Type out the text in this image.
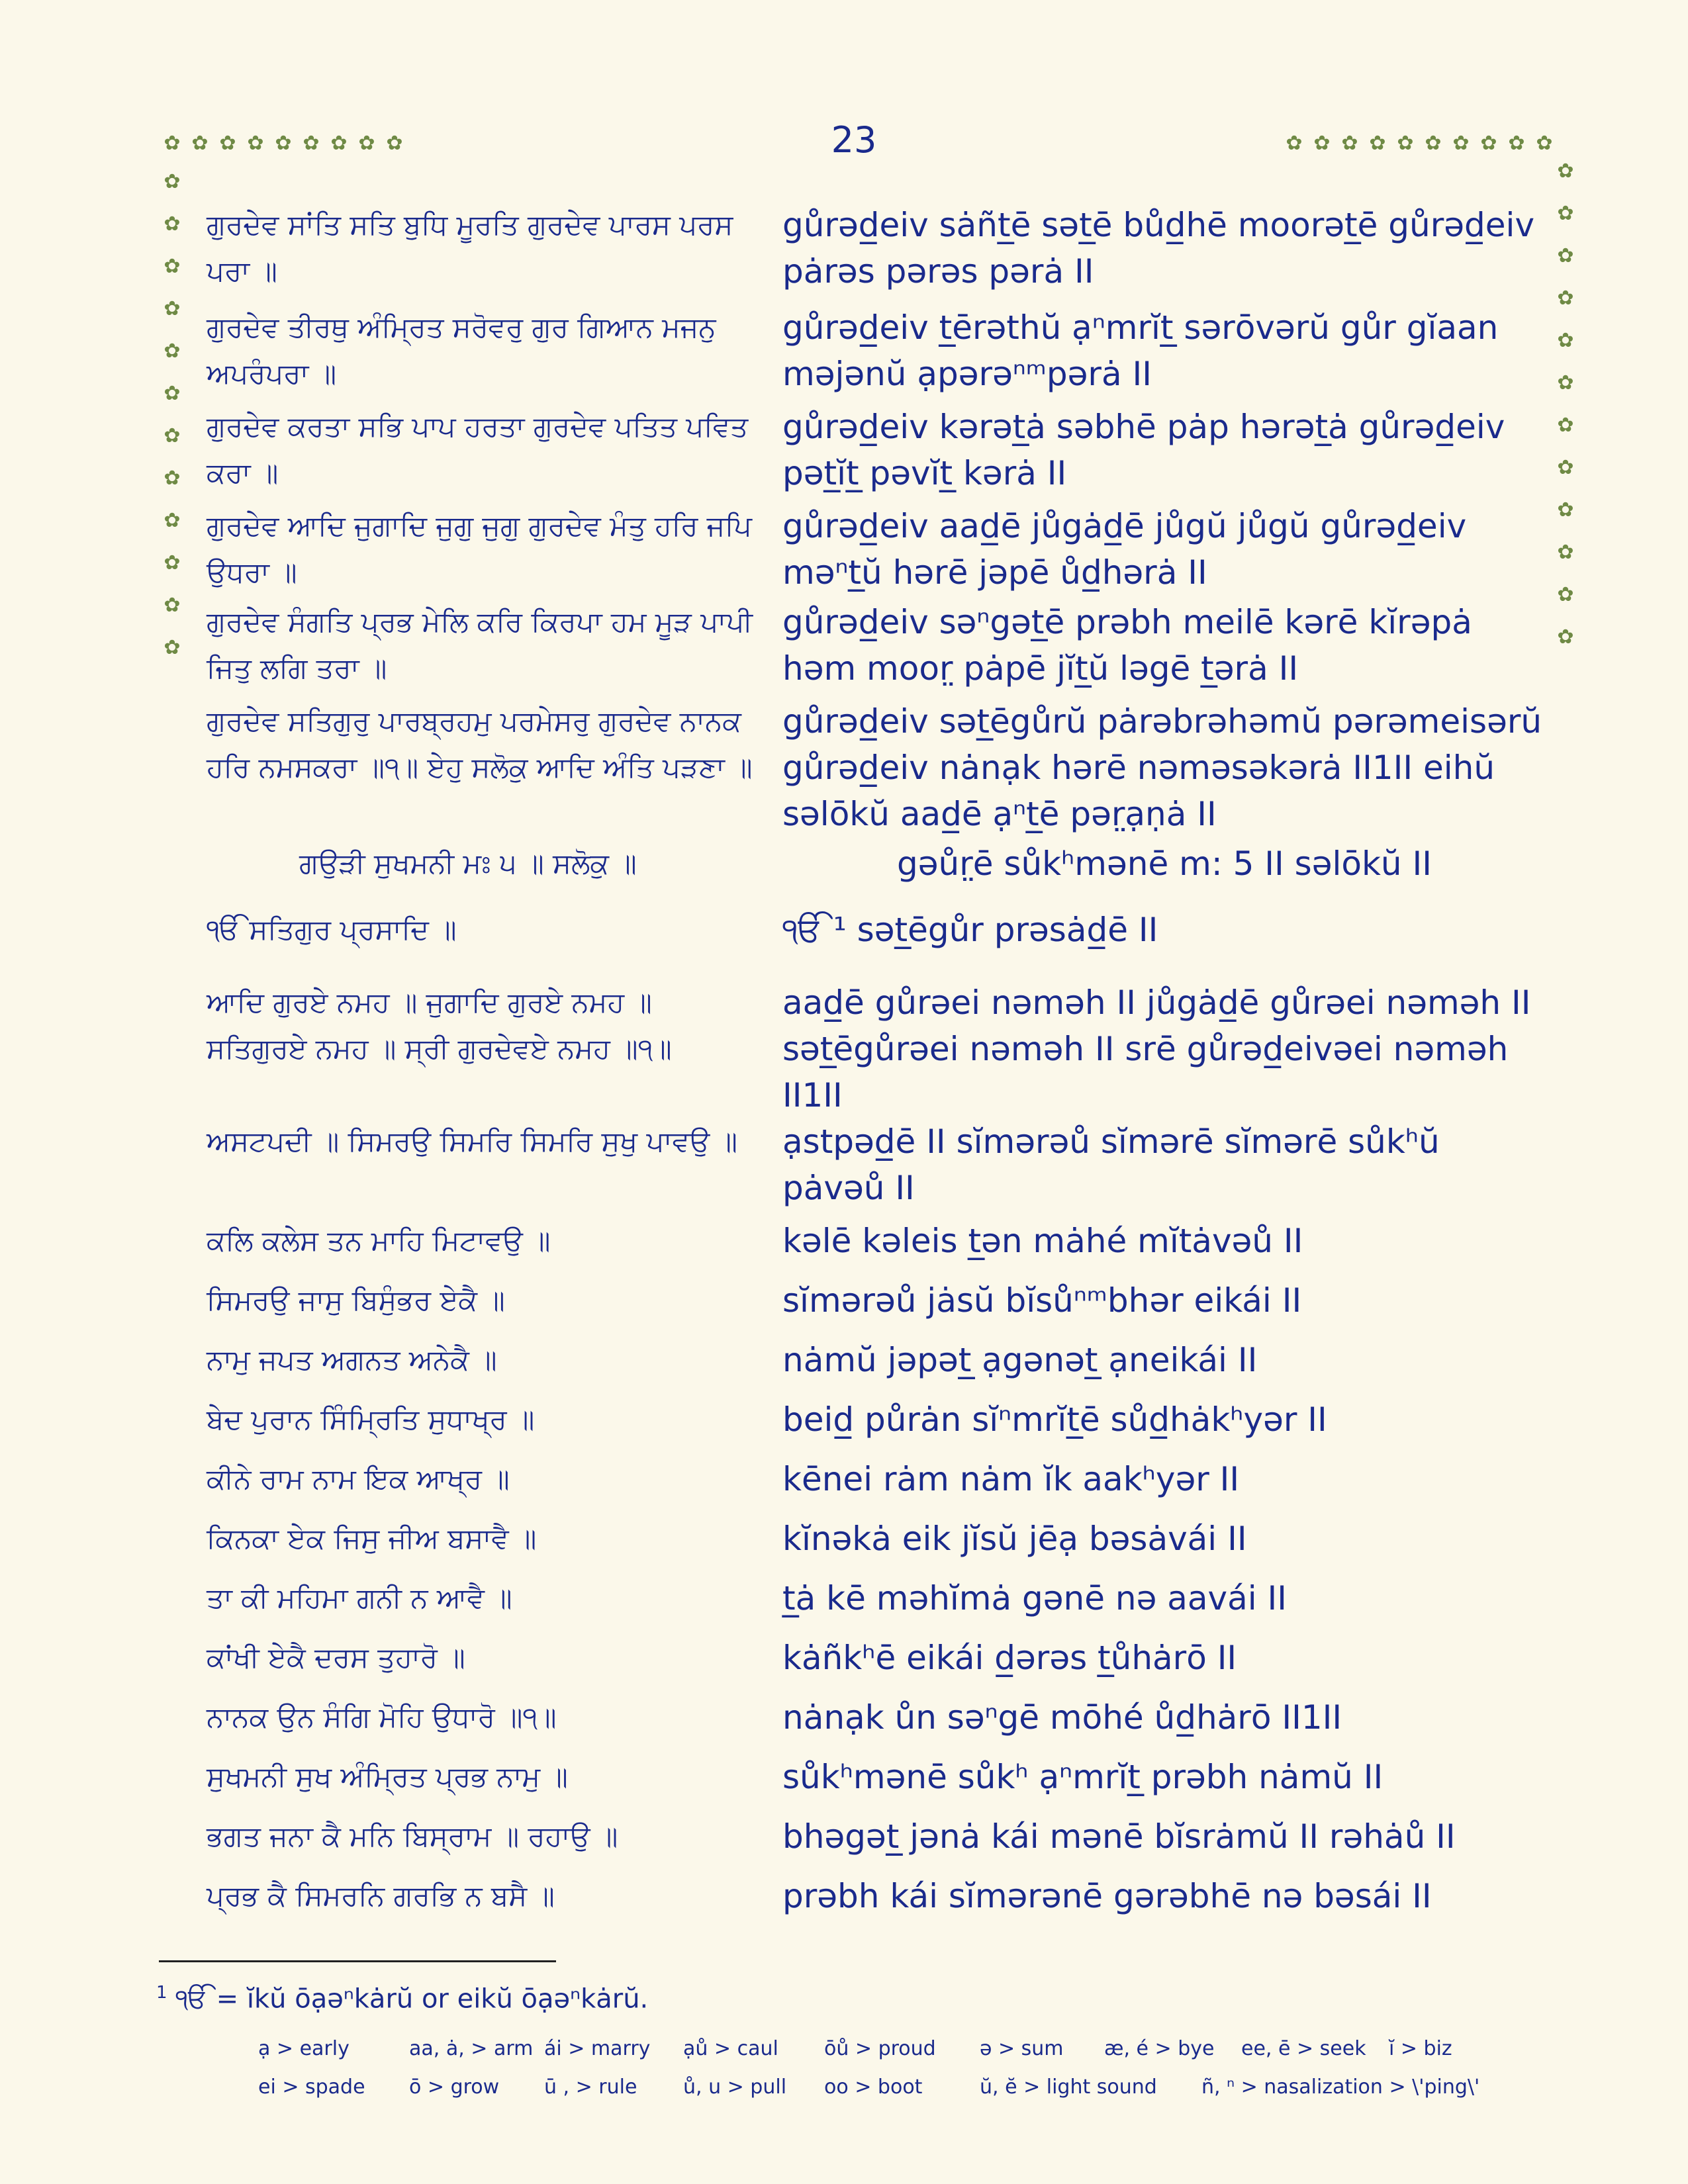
23
✿ ✿ ✿ ✿ ✿ ✿ ✿ ✿ ✿	✿ ✿ ✿ ✿ ✿ ✿ ✿ ✿ ✿ ✿
✿
✿
✿
✿
✿
✿
✿
✿
✿
✿
✿
✿
✿
✿
✿
✿
✿
✿
✿
✿
✿
✿
✿
✿
ਗੁਰਦੇਵ ਸਾਂਤਿ ਸਤਿ ਬੁਧਿ ਮੂਰਤਿ ਗੁਰਦੇਵ ਪਾਰਸ ਪਰਸ ਪਰਾ ॥
gůrəd̲eiv sȧñt̲ē sət̲ē bůd̲hē moorət̲ē gůrəd̲eiv pȧrəs pərəs pərȧ II
ਗੁਰਦੇਵ ਤੀਰਥੁ ਅੰਮ੍ਰਿਤ ਸਰੋਵਰੁ ਗੁਰ ਗਿਆਨ ਮਜਨੁ ਅਪਰੰਪਰਾ ॥
gůrəd̲eiv t̲ērəthŭ ạⁿmrĭt̲ sərōvərŭ gůr gĭaan məjənŭ ạpərəⁿᵐpərȧ II
ਗੁਰਦੇਵ ਕਰਤਾ ਸਭਿ ਪਾਪ ਹਰਤਾ ਗੁਰਦੇਵ ਪਤਿਤ ਪਵਿਤ ਕਰਾ ॥
gůrəd̲eiv kərət̲ȧ səbhē pȧp hərət̲ȧ gůrəd̲eiv pət̲ĭt̲ pəvĭt̲ kərȧ II
ਗੁਰਦੇਵ ਆਦਿ ਜੁਗਾਦਿ ਜੁਗੁ ਜੁਗੁ ਗੁਰਦੇਵ ਮੰਤੁ ਹਰਿ ਜਪਿ ਉਧਰਾ ॥
gůrəd̲eiv aad̲ē jůgȧd̲ē jůgŭ jůgŭ gůrəd̲eiv məⁿt̲ŭ hərē jəpē ůd̲hərȧ II
ਗੁਰਦੇਵ ਸੰਗਤਿ ਪ੍ਰਭ ਮੇਲਿ ਕਰਿ ਕਿਰਪਾ ਹਮ ਮੂੜ ਪਾਪੀ ਜਿਤੁ ਲਗਿ ਤਰਾ ॥
gůrəd̲eiv səⁿgət̲ē prəbh meilē kərē kĭrəpȧ həm moor̤ pȧpē jĭt̲ŭ ləgē t̲ərȧ II
ਗੁਰਦੇਵ ਸਤਿਗੁਰੁ ਪਾਰਬ੍ਰਹਮੁ ਪਰਮੇਸਰੁ ਗੁਰਦੇਵ ਨਾਨਕ ਹਰਿ ਨਮਸਕਰਾ ॥੧॥ ਏਹੁ ਸਲੋਕੁ ਆਦਿ ਅੰਤਿ ਪੜਣਾ ॥
gůrəd̲eiv sət̲ēgůrŭ pȧrəbrəhəmŭ pərəmeisərŭ gůrəd̲eiv nȧnạk hərē nəməsəkərȧ II1II eihŭ səlōkŭ aad̲ē ạⁿt̲ē pər̤ạṇȧ II
ਗਉੜੀ ਸੁਖਮਨੀ ਮਃ ੫ ॥ ਸਲੋਕੁ ॥	gəůr̤ē sůkʰmənē m: 5 II səlōkŭ II
ੴ ਸਤਿਗੁਰ ਪ੍ਰਸਾਦਿ ॥	ੴ ¹ sət̲ēgůr prəsȧd̲ē II
ਆਦਿ ਗੁਰਏ ਨਮਹ ॥ ਜੁਗਾਦਿ ਗੁਰਏ ਨਮਹ ॥ ਸਤਿਗੁਰਏ ਨਮਹ ॥ ਸ੍ਰੀ ਗੁਰਦੇਵਏ ਨਮਹ ॥੧॥
aad̲ē gůrəei nəməh II jůgȧd̲ē gůrəei nəməh II sət̲ēgůrəei nəməh II srē gůrəd̲eivəei nəməh II1II
ਅਸਟਪਦੀ ॥ ਸਿਮਰਉ ਸਿਮਰਿ ਸਿਮਰਿ ਸੁਖੁ ਪਾਵਉ ॥	ạstpəd̲ē II sĭmərəů sĭmərē sĭmərē sůkʰŭ pȧvəů II
ਕਲਿ ਕਲੇਸ ਤਨ ਮਾਹਿ ਮਿਟਾਵਉ ॥	kəlē kəleis t̲ən mȧhé mĭtȧvəů II
ਸਿਮਰਉ ਜਾਸੁ ਬਿਸੁੰਭਰ ਏਕੈ ॥	sĭmərəů jȧsŭ bĭsůⁿᵐbhər eikái II
ਨਾਮੁ ਜਪਤ ਅਗਨਤ ਅਨੇਕੈ ॥	nȧmŭ jəpət̲ ạgənət̲ ạneikái II
ਬੇਦ ਪੁਰਾਨ ਸਿੰਮ੍ਰਿਤਿ ਸੁਧਾਖ੍ਰ ॥	beid̲ půrȧn sĭⁿmrĭt̲ē sůd̲hȧkʰyər II
ਕੀਨੇ ਰਾਮ ਨਾਮ ਇਕ ਆਖ੍ਰ ॥	kēnei rȧm nȧm ĭk aakʰyər II
ਕਿਨਕਾ ਏਕ ਜਿਸੁ ਜੀਅ ਬਸਾਵੈ ॥	kĭnəkȧ eik jĭsŭ jēạ bəsȧvái II
ਤਾ ਕੀ ਮਹਿਮਾ ਗਨੀ ਨ ਆਵੈ ॥	t̲ȧ kē məhĭmȧ gənē nə aavái II
ਕਾਂਖੀ ਏਕੈ ਦਰਸ ਤੁਹਾਰੋ ॥	kȧñkʰē eikái d̲ərəs t̲ůhȧrō II
ਨਾਨਕ ਉਨ ਸੰਗਿ ਮੋਹਿ ਉਧਾਰੋ ॥੧॥	nȧnạk ůn səⁿgē mōhé ůd̲hȧrō II1II
ਸੁਖਮਨੀ ਸੁਖ ਅੰਮ੍ਰਿਤ ਪ੍ਰਭ ਨਾਮੁ ॥	sůkʰmənē sůkʰ ạⁿmrĭt̲ prəbh nȧmŭ II
ਭਗਤ ਜਨਾ ਕੈ ਮਨਿ ਬਿਸ੍ਰਾਮ ॥ ਰਹਾਉ ॥	bhəgət̲ jənȧ kái mənē bĭsrȧmŭ II rəhȧů II
ਪ੍ਰਭ ਕੈ ਸਿਮਰਨਿ ਗਰਭਿ ਨ ਬਸੈ ॥	prəbh kái sĭmərənē gərəbhē nə bəsái II
$^1$ ੴ = ĭkŭ ōạəⁿkȧrŭ or eikŭ ōạəⁿkȧrŭ.
ạ > early	aa, ȧ, > arm ái > marry ạů > caul ōů > proud ə > sum æ, é > bye ee, ē > seek ĭ > biz
ei > spade ō > grow ū , > rule ů, u > pull oo > boot	ŭ, ĕ > light sound ñ, ⁿ > nasalization > \'ping\'
